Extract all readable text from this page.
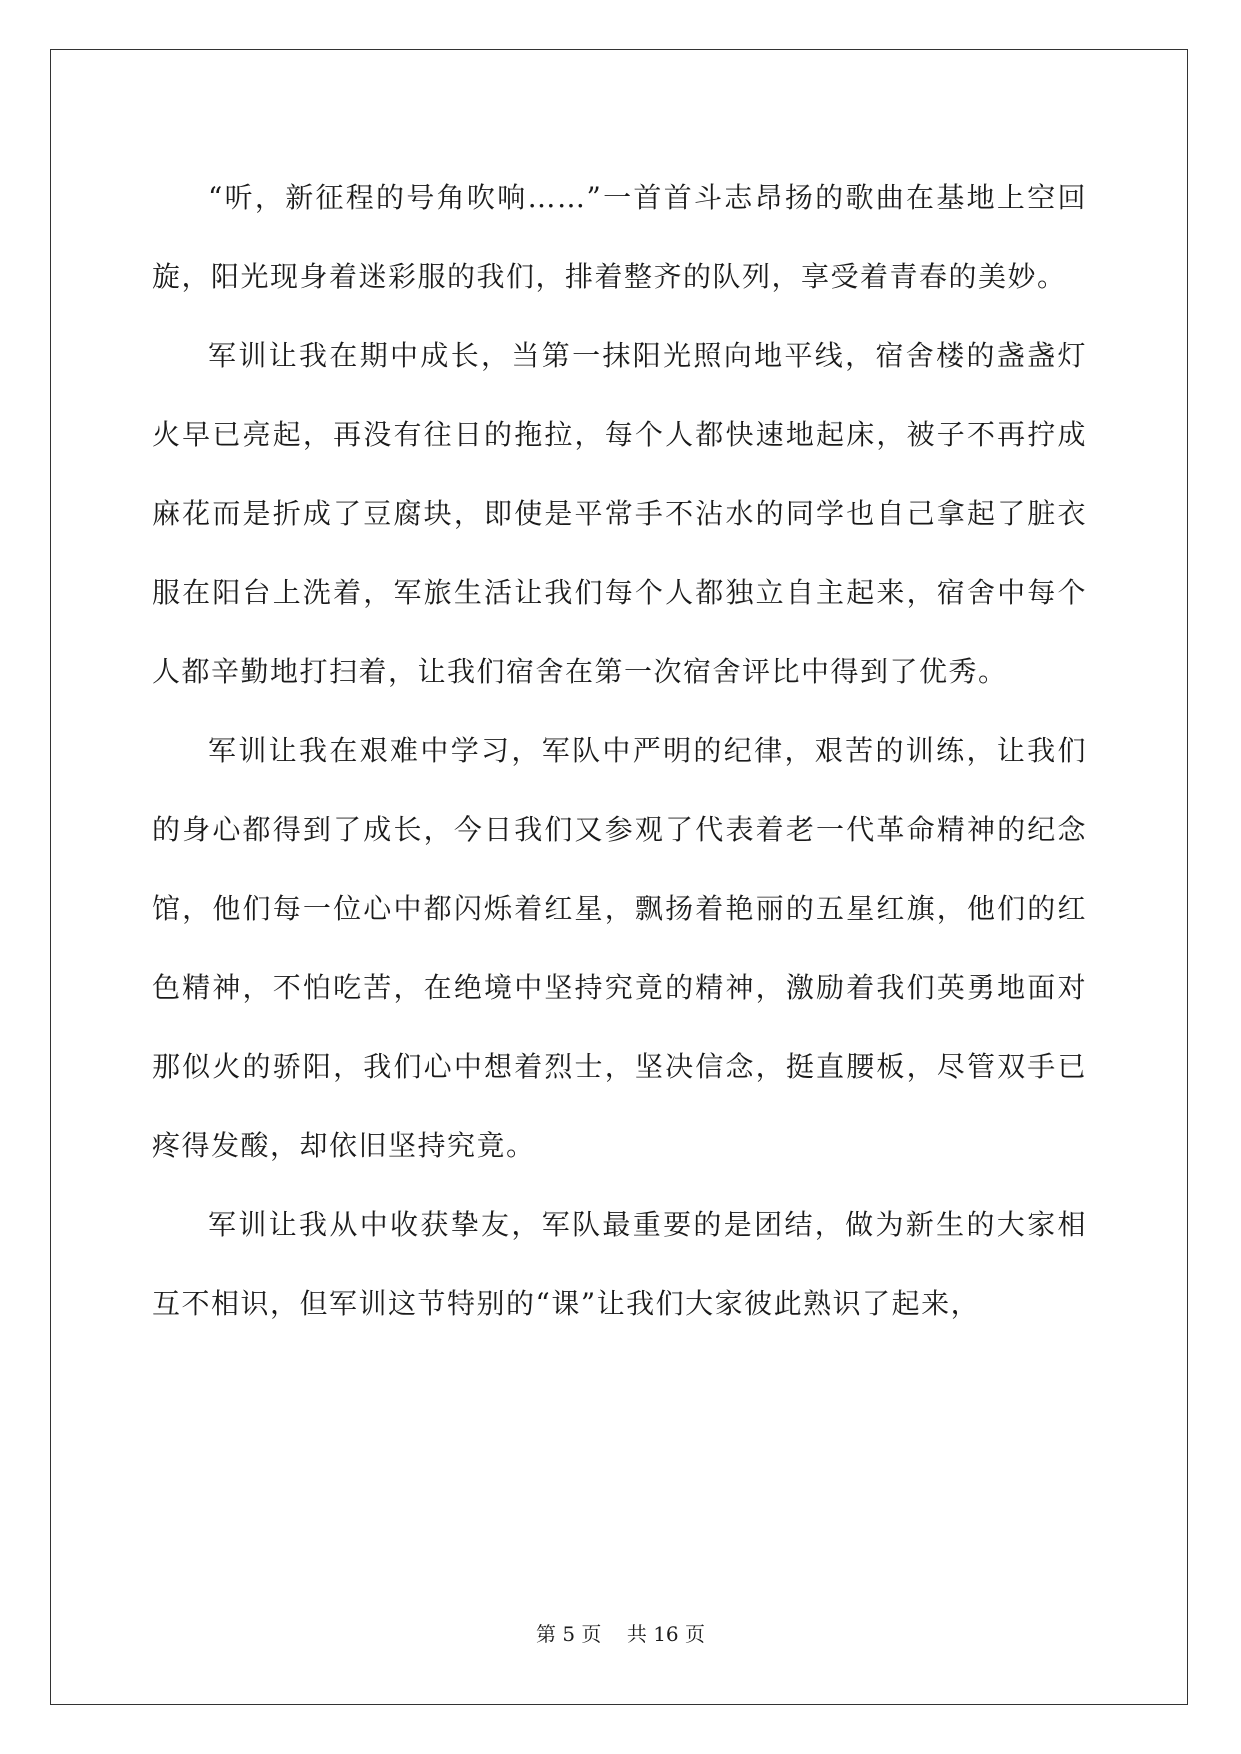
“听，新征程的号角吹响……”一首首斗志昂扬的歌曲在基地上空回旋，阳光现身着迷彩服的我们，排着整齐的队列，享受着青春的美妙。

军训让我在期中成长，当第一抹阳光照向地平线，宿舍楼的盏盏灯火早已亮起，再没有往日的拖拉，每个人都快速地起床，被子不再拧成麻花而是折成了豆腐块，即使是平常手不沾水的同学也自己拿起了脏衣服在阳台上洗着，军旅生活让我们每个人都独立自主起来，宿舍中每个人都辛勤地打扫着，让我们宿舍在第一次宿舍评比中得到了优秀。

军训让我在艰难中学习，军队中严明的纪律，艰苦的训练，让我们的身心都得到了成长，今日我们又参观了代表着老一代革命精神的纪念馆，他们每一位心中都闪烁着红星，飘扬着艳丽的五星红旗，他们的红色精神，不怕吃苦，在绝境中坚持究竟的精神，激励着我们英勇地面对那似火的骄阳，我们心中想着烈士，坚决信念，挺直腰板，尽管双手已疼得发酸，却依旧坚持究竟。

军训让我从中收获挚友，军队最重要的是团结，做为新生的大家相互不相识，但军训这节特别的“课”让我们大家彼此熟识了起来，

第 5 页    共 16 页
